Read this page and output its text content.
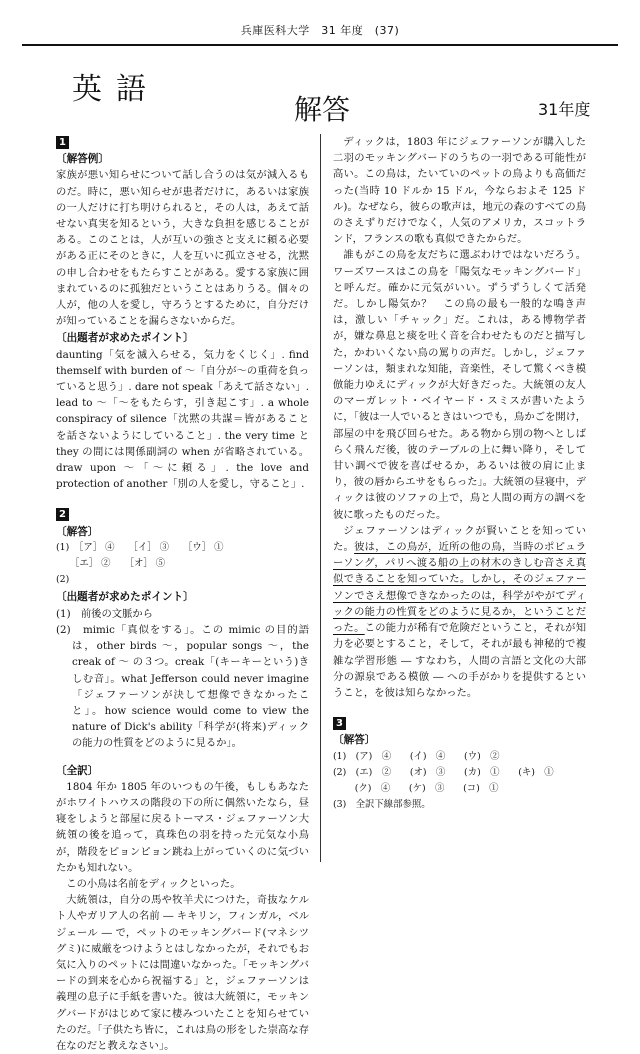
兵庫医科大学　31 年度　(37)
英語
解答	31年度
1
〔解答例〕

家族が悪い知らせについて話し合うのは気が減入るものだ。時に，悪い知らせが患者だけに，あるいは家族の一人だけに打ち明けられると，その人は，あえて話せない真実を知るという，大きな負担を感じることがある。このことは，人が互いの強さと支えに頼る必要がある正にそのときに，人を互いに孤立させる，沈黙の申し合わせをもたらすことがある。愛する家族に囲まれているのに孤独だということはありうる。個々の人が，他の人を愛し，守ろうとするために，自分だけが知っていることを漏らさないからだ。

〔出題者が求めたポイント〕

daunting「気を滅入らせる，気力をくじく」. find themself with burden of ～「自分が～の重荷を負っていると思う」. dare not speak「あえて話さない」. lead to ～「～をもたらす，引き起こす」. a whole conspiracy of silence「沈黙の共謀＝皆があることを話さないようにしていること」. the very time と they の間には関係副詞の when が省略されている。draw upon ～「～に頼る」. the love and protection of another「別の人を愛し，守ること」.

2
〔解答〕
(1)　［ア］ ④　　［イ］ ③　　［ウ］ ①
　　［エ］ ②　　［オ］ ⑤
(2)
〔出題者が求めたポイント〕

(1)　前後の文脈から

(2)　mimic「真似をする」。この mimic の目的語は，other birds ～，popular songs ～，the creak of ～ の３つ。creak「(キーキーという)きしむ音」。what Jefferson could never imagine「ジェファーソンが決して想像できなかったこと」。how science would come to view the nature of Dick's ability「科学が(将来)ディックの能力の性質をどのように見るか」。

〔全訳〕

1804 年か 1805 年のいつもの午後，もしもあなたがホワイトハウスの階段の下の所に偶然いたなら，昼寝をしようと部屋に戻るトーマス・ジェファーソン大統領の後を追って，真珠色の羽を持った元気な小鳥が，階段をピョンピョン跳ね上がっていくのに気づいたかも知れない。

この小鳥は名前をディックといった。

大統領は，自分の馬や牧羊犬につけた，奇抜なケルト人やガリア人の名前 ― キキリン，フィンガル，ベルジェール ― で，ペットのモッキングバード(マネシツグミ)に威厳をつけようとはしなかったが，それでもお気に入りのペットには間違いなかった。「モッキングバードの到来を心から祝福する」と，ジェファーソンは義理の息子に手紙を書いた。彼は大統領に，モッキングバードがはじめて家に棲みついたことを知らせていたのだ。「子供たち皆に，これは鳥の形をした崇高な存在なのだと教えなさい」。

ディックは，1803 年にジェファーソンが購入した二羽のモッキングバードのうちの一羽である可能性が高い。この鳥は，たいていのペットの鳥よりも高価だった(当時 10 ドルか 15 ドル，今ならおよそ 125 ドル)。なぜなら，彼らの歌声は，地元の森のすべての鳥のさえずりだけでなく，人気のアメリカ，スコットランド，フランスの歌も真似できたからだ。

誰もがこの鳥を友だちに選ぶわけではないだろう。ワーズワースはこの鳥を「陽気なモッキングバード」と呼んだ。確かに元気がいい。ずうずうしくて活発だ。しかし陽気か？　この鳥の最も一般的な鳴き声は，激しい「チャック」だ。これは，ある博物学者が，嫌な鼻息と痰を吐く音を合わせたものだと描写した，かわいくない鳥の罵りの声だ。しかし，ジェファーソンは，類まれな知能，音楽性，そして驚くべき模倣能力ゆえにディックが大好きだった。大統領の友人のマーガレット・ベイヤード・スミスが書いたように，「彼は一人でいるときはいつでも，鳥かごを開け，部屋の中を飛び回らせた。ある物から別の物へとしばらく飛んだ後，彼のテーブルの上に舞い降り，そして甘い調べで彼を喜ばせるか，あるいは彼の肩に止まり，彼の唇からエサをもらった」。大統領の昼寝中，ディックは彼のソファの上で，鳥と人間の両方の調べを彼に歌ったものだった。

ジェファーソンはディックが賢いことを知っていた。彼は，この鳥が，近所の他の鳥，当時のポピュラーソング，パリへ渡る船の上の材木のきしむ音さえ真似できることを知っていた。しかし，そのジェファーソンでさえ想像できなかったのは，科学がやがてディックの能力の性質をどのように見るか，ということだった。この能力が稀有で危険だということ，それが知力を必要とすること，そして，それが最も神秘的で複雑な学習形態 ― すなわち，人間の言語と文化の大部分の源泉である模倣 ― への手がかりを提供するということ，を彼は知らなかった。

3
〔解答〕
(1)　(ア)　④　　(イ)　④　　(ウ)　②
(2)　(エ)　②　　(オ)　③　　(カ)　①　　(キ)　①
　　 (ク)　④　　(ケ)　③　　(コ)　①
(3)　全訳下線部参照。
